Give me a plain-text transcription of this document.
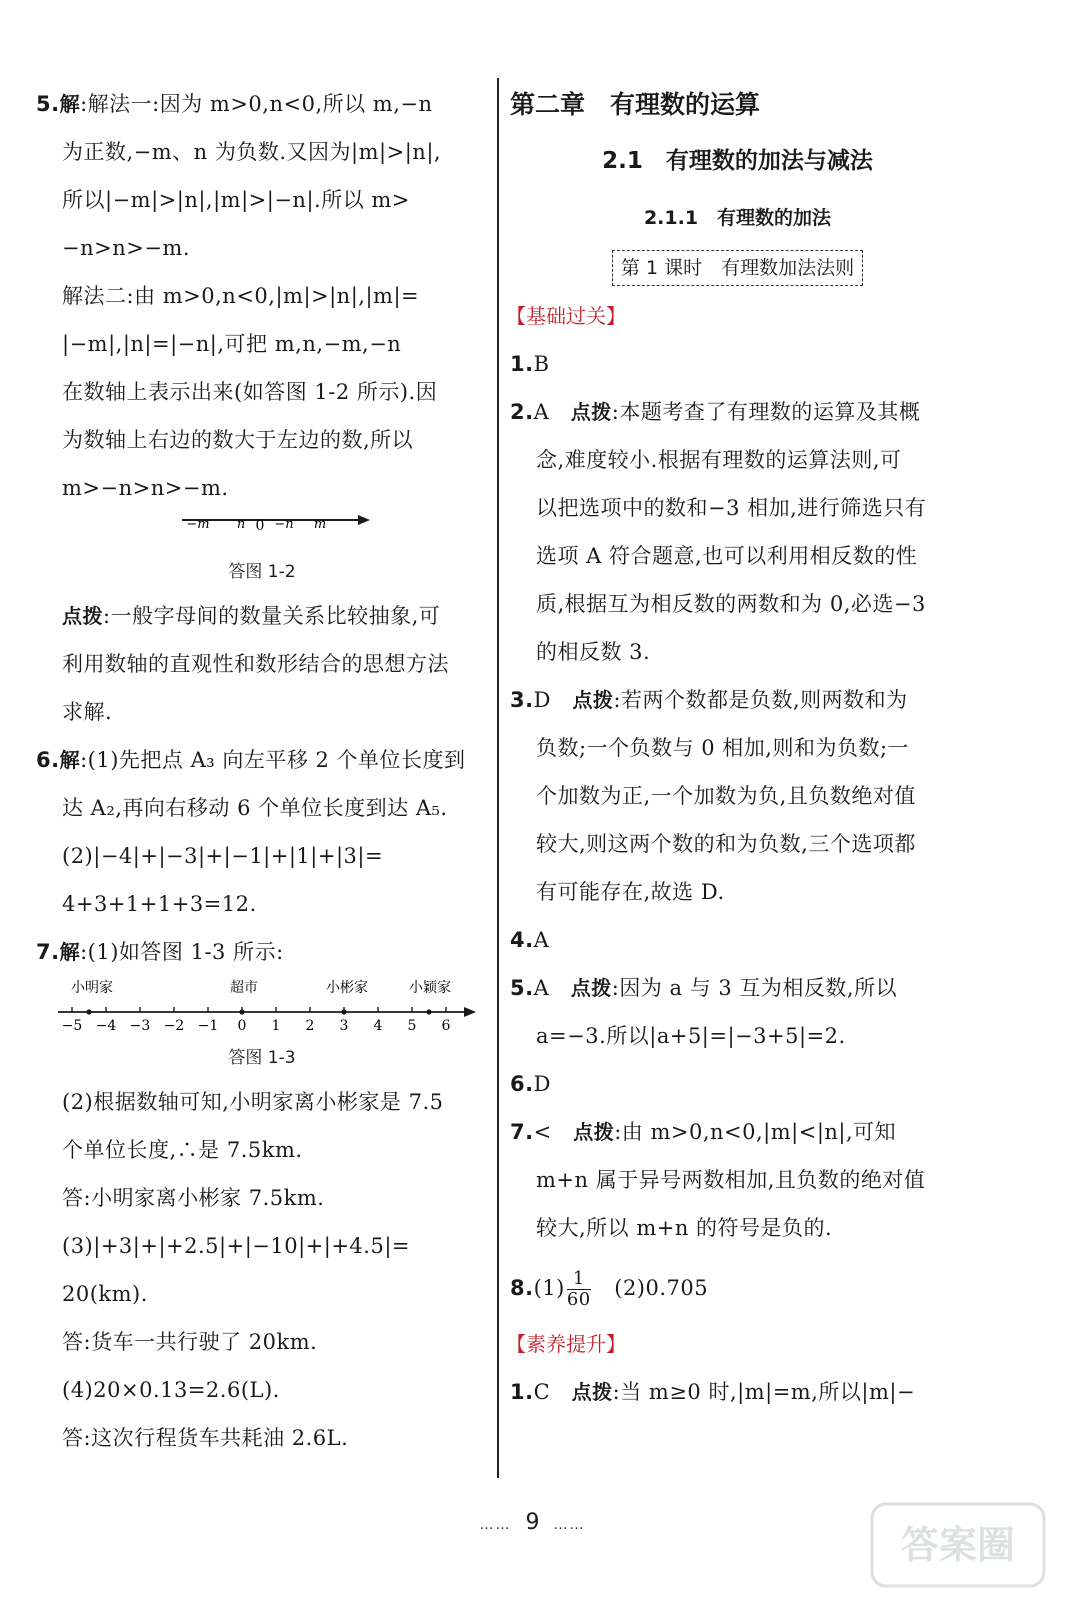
5.解:解法一:因为 m>0,n<0,所以 m,−n

为正数,−m、n 为负数.又因为|m|>|n|,

所以|−m|>|n|,|m|>|−n|.所以 m>

−n>n>−m.

解法二:由 m>0,n<0,|m|>|n|,|m|=

|−m|,|n|=|−n|,可把 m,n,−m,−n

在数轴上表示出来(如答图 1-2 所示).因

为数轴上右边的数大于左边的数,所以

m>−n>n>−m.

−m n 0 −n m
答图 1-2

点拨:一般字母间的数量关系比较抽象,可

利用数轴的直观性和数形结合的思想方法

求解.

6.解:(1)先把点 A₃ 向左平移 2 个单位长度到

达 A₂,再向右移动 6 个单位长度到达 A₅.

(2)|−4|+|−3|+|−1|+|1|+|3|=

4+3+1+1+3=12.

7.解:(1)如答图 1-3 所示:

小明家	超市	小彬家	小颖家
−5 −4 −3 −2 −1 0 1 2 3 4 5 6
答图 1-3

(2)根据数轴可知,小明家离小彬家是 7.5

个单位长度,∴是 7.5km.

答:小明家离小彬家 7.5km.

(3)|+3|+|+2.5|+|−10|+|+4.5|=

20(km).

答:货车一共行驶了 20km.

(4)20×0.13=2.6(L).

答:这次行程货车共耗油 2.6L.

第二章　有理数的运算
2.1　有理数的加法与减法
2.1.1　有理数的加法
第 1 课时　有理数加法法则
【基础过关】

1.B

2.A　 点拨:本题考查了有理数的运算及其概

念,难度较小.根据有理数的运算法则,可

以把选项中的数和−3 相加,进行筛选只有

选项 A 符合题意,也可以利用相反数的性

质,根据互为相反数的两数和为 0,必选−3

的相反数 3.

3.D　 点拨:若两个数都是负数,则两数和为

负数;一个负数与 0 相加,则和为负数;一

个加数为正,一个加数为负,且负数绝对值

较大,则这两个数的和为负数,三个选项都

有可能存在,故选 D.

4.A

5.A　 点拨:因为 a 与 3 互为相反数,所以

a=−3.所以|a+5|=|−3+5|=2.

6.D

7.<　 点拨:由 m>0,n<0,|m|<|n|,可知

m+n 属于异号两数相加,且负数的绝对值

较大,所以 m+n 的符号是负的.

$8.(1) \frac{1}{60}$
　 (2)0.705

【素养提升】

1.C　 点拨:当 m≥0 时,|m|=m,所以|m|−

…… 9 ……	答案圈
